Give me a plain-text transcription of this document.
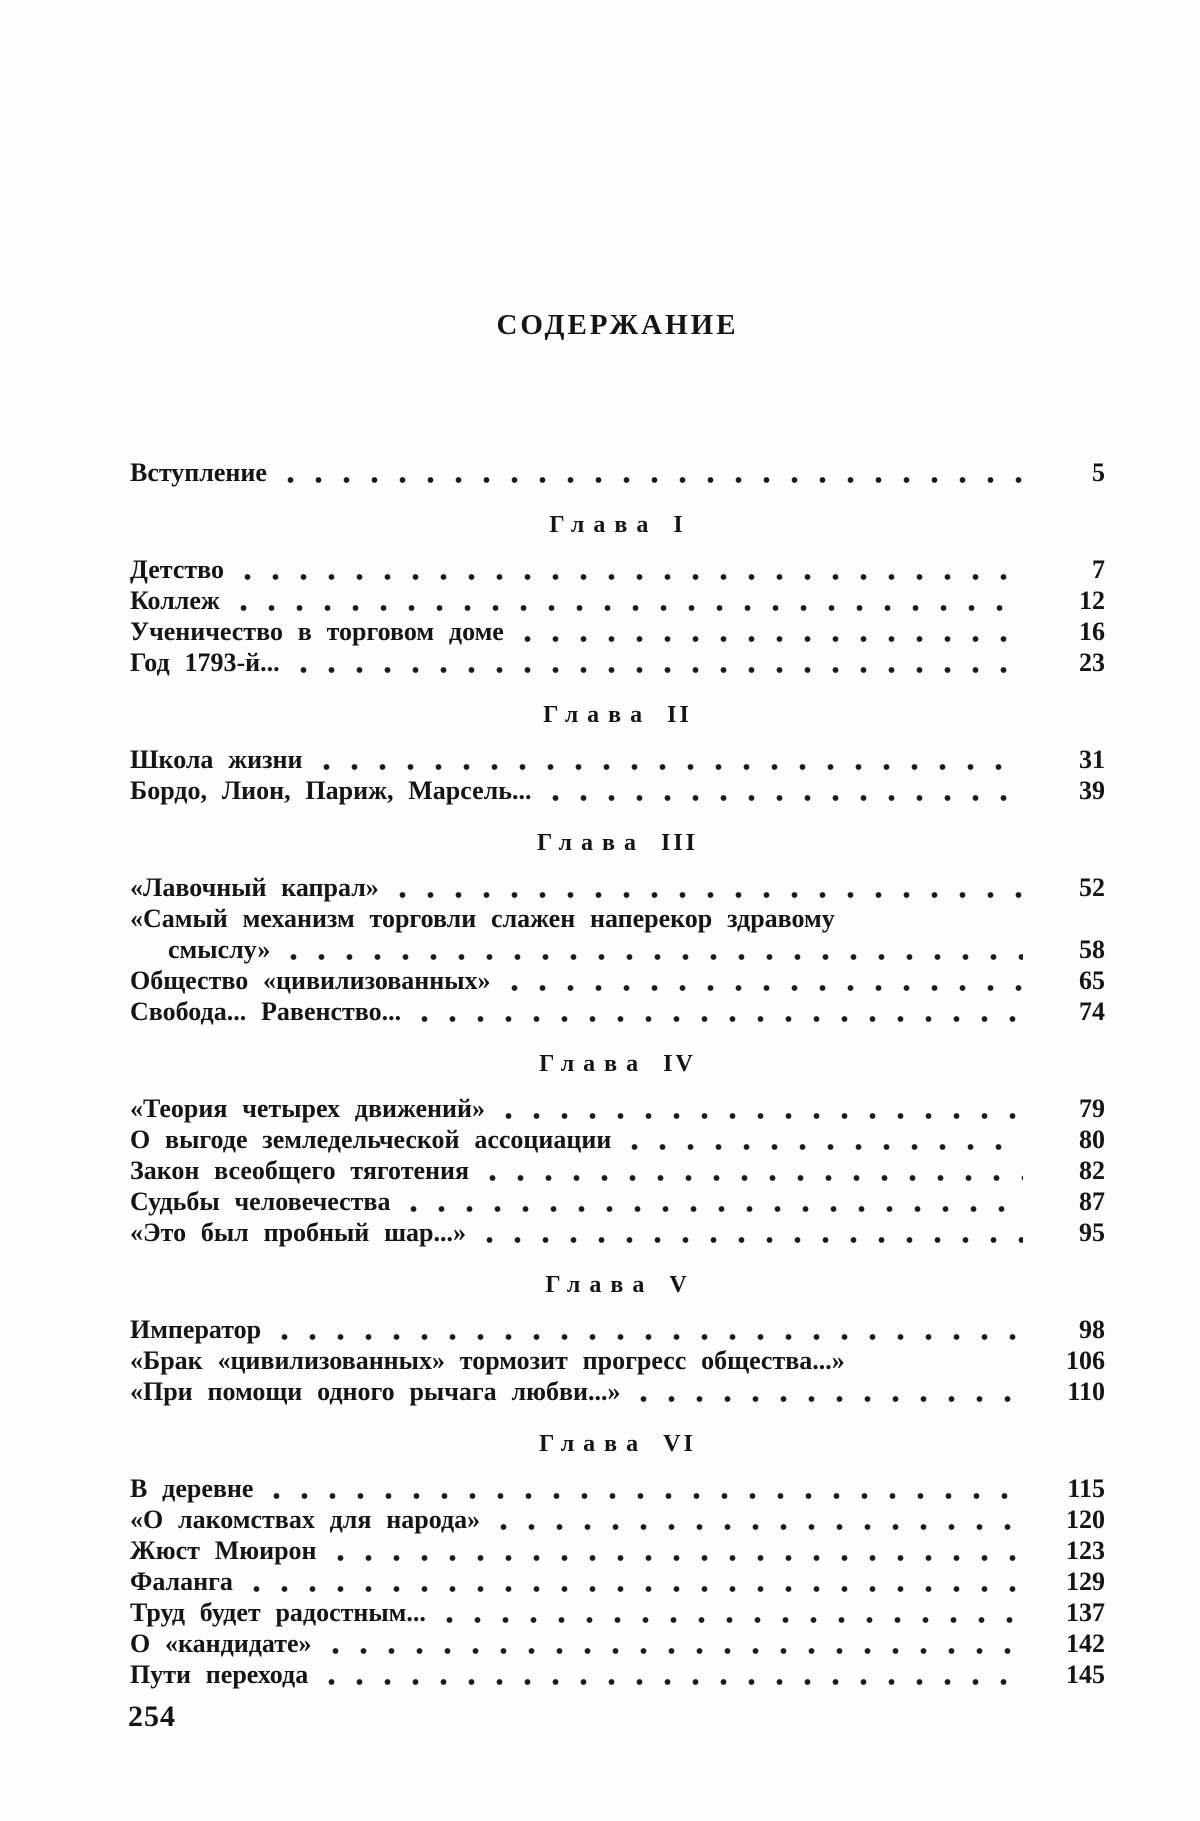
СОДЕРЖАНИЕ
Вступление	5
Глава I
Детство	7
Коллеж	12
Ученичество в торговом доме	16
Год 1793-й...	23
Глава II
Школа жизни	31
Бордо, Лион, Париж, Марсель...	39
Глава III
«Лавочный капрал»	52
«Самый механизм торговли слажен наперекор здравому
смыслу»	58
Общество «цивилизованных»	65
Свобода... Равенство...	74
Глава IV
«Теория четырех движений»	79
О выгоде земледельческой ассоциации	80
Закон всеобщего тяготения	82
Судьбы человечества	87
«Это был пробный шар...»	95
Глава V
Император	98
«Брак «цивилизованных» тормозит прогресс общества...»	106
«При помощи одного рычага любви...»	110
Глава VI
В деревне	115
«О лакомствах для народа»	120
Жюст Мюирон	123
Фаланга	129
Труд будет радостным...	137
О «кандидате»	142
Пути перехода	145
254
